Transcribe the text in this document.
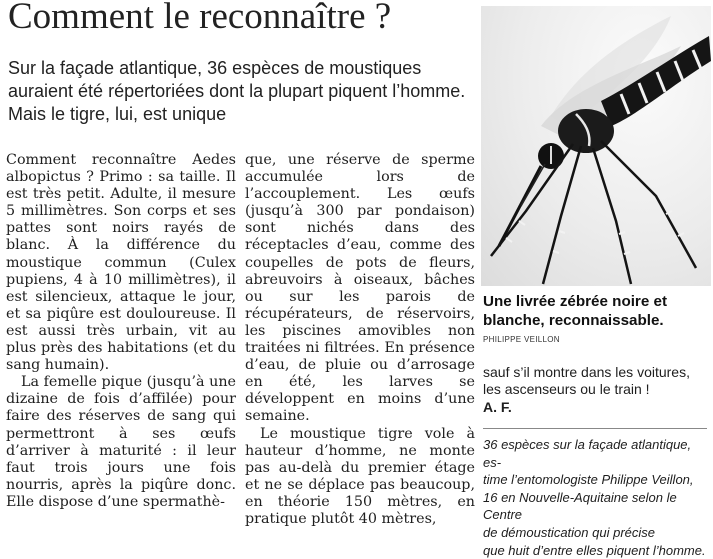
Comment le reconnaître ?

Sur la façade atlantique, 36 espèces de moustiques auraient été répertoriées dont la plupart piquent l’homme. Mais le tigre, lui, est unique

Comment reconnaître Aedes albopictus ? Primo : sa taille. Il est très petit. Adulte, il mesure 5 millimètres. Son corps et ses pattes sont noirs rayés de blanc. À la différence du moustique commun (Culex pupiens, 4 à 10 millimètres), il est silencieux, attaque le jour, et sa piqûre est douloureuse. Il est aussi très urbain, vit au plus près des habitations (et du sang humain).

La femelle pique (jusqu’à une dizaine de fois d’affilée) pour faire des réserves de sang qui permettront à ses œufs d’arriver à maturité : il leur faut trois jours une fois nourris, après la piqûre donc. Elle dispose d’une spermathè-

que, une réserve de sperme accumulée lors de l’accouplement. Les œufs (jusqu’à 300 par pondaison) sont nichés dans des réceptacles d’eau, comme des coupelles de pots de fleurs, abreuvoirs à oiseaux, bâches ou sur les parois de récupérateurs, de réservoirs, les piscines amovibles non traitées ni filtrées. En présence d’eau, de pluie ou d’arrosage en été, les larves se développent en moins d’une semaine.

Le moustique tigre vole à hauteur d’homme, ne monte pas au-delà du premier étage et ne se déplace pas beaucoup, en théorie 150 mètres, en pratique plutôt 40 mètres,

Une livrée zébrée noire et blanche, reconnaissable.

PHILIPPE VEILLON

sauf s’il montre dans les voitures, les ascenseurs ou le train !
A. F.

36 espèces sur la façade atlantique, es-
time l’entomologiste Philippe Veillon,
16 en Nouvelle-Aquitaine selon le Centre
de démoustication qui précise
que huit d’entre elles piquent l’homme.
